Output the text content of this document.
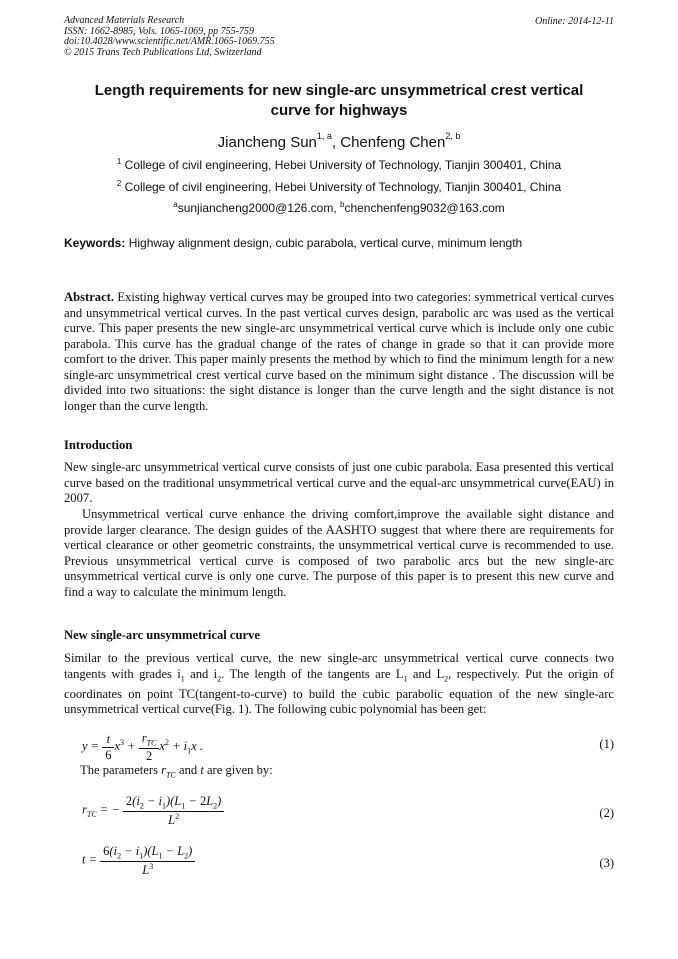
Advanced Materials Research
ISSN: 1662-8985, Vols. 1065-1069, pp 755-759
doi:10.4028/www.scientific.net/AMR.1065-1069.755
© 2015 Trans Tech Publications Ltd, Switzerland
Online: 2014-12-11
Length requirements for new single-arc unsymmetrical crest vertical
curve for highways
Jiancheng Sun$^{1, a}$, Chenfeng Chen$^{2, b}$
$^1$ College of civil engineering, Hebei University of Technology, Tianjin 300401, China
$^2$ College of civil engineering, Hebei University of Technology, Tianjin 300401, China
$^a$sunjiancheng2000@126.com, $^b$chenchenfeng9032@163.com
Keywords: Highway alignment design, cubic parabola, vertical curve, minimum length
Abstract. Existing highway vertical curves may be grouped into two categories: symmetrical vertical curves and unsymmetrical vertical curves. In the past vertical curves design, parabolic arc was used as the vertical curve. This paper presents the new single-arc unsymmetrical vertical curve which is include only one cubic parabola. This curve has the gradual change of the rates of change in grade so that it can provide more comfort to the driver. This paper mainly presents the method by which to find the minimum length for a new single-arc unsymmetrical crest vertical curve based on the minimum sight distance . The discussion will be divided into two situations: the sight distance is longer than the curve length and the sight distance is not longer than the curve length.
Introduction
New single-arc unsymmetrical vertical curve consists of just one cubic parabola. Easa presented this vertical curve based on the traditional unsymmetrical vertical curve and the equal-arc unsymmetrical curve(EAU) in 2007.
Unsymmetrical vertical curve enhance the driving comfort,improve the available sight distance and provide larger clearance. The design guides of the AASHTO suggest that where there are requirements for vertical clearance or other geometric constraints, the unsymmetrical vertical curve is recommended to use. Previous unsymmetrical vertical curve is composed of two parabolic arcs but the new single-arc unsymmetrical vertical curve is only one curve. The purpose of this paper is to present this new curve and find a way to calculate the minimum length.
New single-arc unsymmetrical curve
Similar to the previous vertical curve, the new single-arc unsymmetrical vertical curve connects two tangents with grades $i_1$ and $i_2$. The length of the tangents are $L_1$ and $L_2$, respectively. Put the origin of coordinates on point TC(tangent-to-curve) to build the cubic parabolic equation of the new single-arc unsymmetrical vertical curve(Fig. 1). The following cubic polynomial has been get:
$y = \frac{t}{6} x^3 + \frac{r_{TC}}{2} x^2 + i_1x$ .	(1)
The parameters $r_{TC}$ and t are given by:
$r_{TC}$ = − $\frac{2(i_2 - i_1)(L_1 - 2L_2)}{L^2}$	(2)
$t = \frac{6(i_2 - i_1)(L_1 - L_2)}{L^3}$	(3)
